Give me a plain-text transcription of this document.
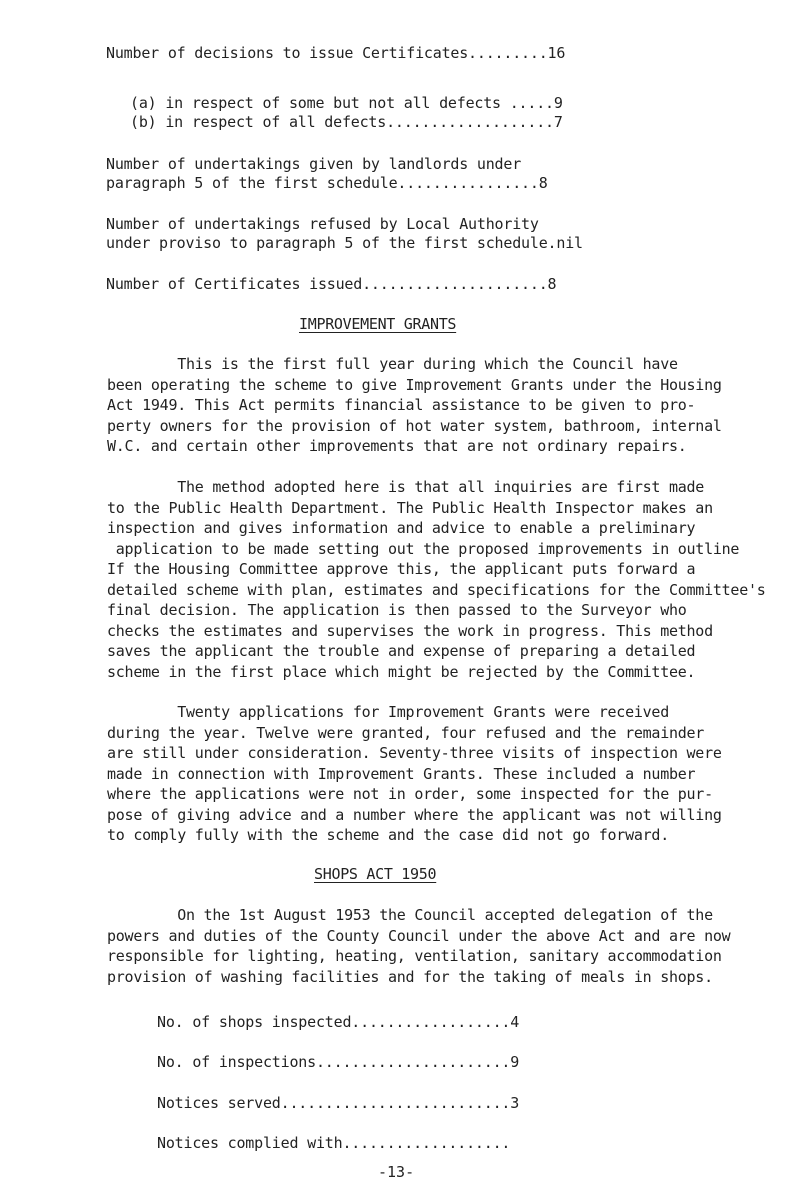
Number of decisions to issue Certificates.........16
(a) in respect of some but not all defects .....9
(b) in respect of all defects...................7
Number of undertakings given by landlords under
paragraph 5 of the first schedule................8
Number of undertakings refused by Local Authority
under proviso to paragraph 5 of the first schedule.nil
Number of Certificates issued.....................8
IMPROVEMENT GRANTS
This is the first full year during which the Council have
been operating the scheme to give Improvement Grants under the Housing
Act 1949. This Act permits financial assistance to be given to pro-
perty owners for the provision of hot water system, bathroom, internal
W.C. and certain other improvements that are not ordinary repairs.
The method adopted here is that all inquiries are first made
to the Public Health Department. The Public Health Inspector makes an
inspection and gives information and advice to enable a preliminary
application to be made setting out the proposed improvements in outline
If the Housing Committee approve this, the applicant puts forward a
detailed scheme with plan, estimates and specifications for the Committee's
final decision. The application is then passed to the Surveyor who
checks the estimates and supervises the work in progress. This method
saves the applicant the trouble and expense of preparing a detailed
scheme in the first place which might be rejected by the Committee.
Twenty applications for Improvement Grants were received
during the year. Twelve were granted, four refused and the remainder
are still under consideration. Seventy-three visits of inspection were
made in connection with Improvement Grants. These included a number
where the applications were not in order, some inspected for the pur-
pose of giving advice and a number where the applicant was not willing
to comply fully with the scheme and the case did not go forward.
SHOPS ACT 1950
On the 1st August 1953 the Council accepted delegation of the
powers and duties of the County Council under the above Act and are now
responsible for lighting, heating, ventilation, sanitary accommodation
provision of washing facilities and for the taking of meals in shops.
No. of shops inspected..................4
No. of inspections......................9
Notices served..........................3
Notices complied with...................
-13-
